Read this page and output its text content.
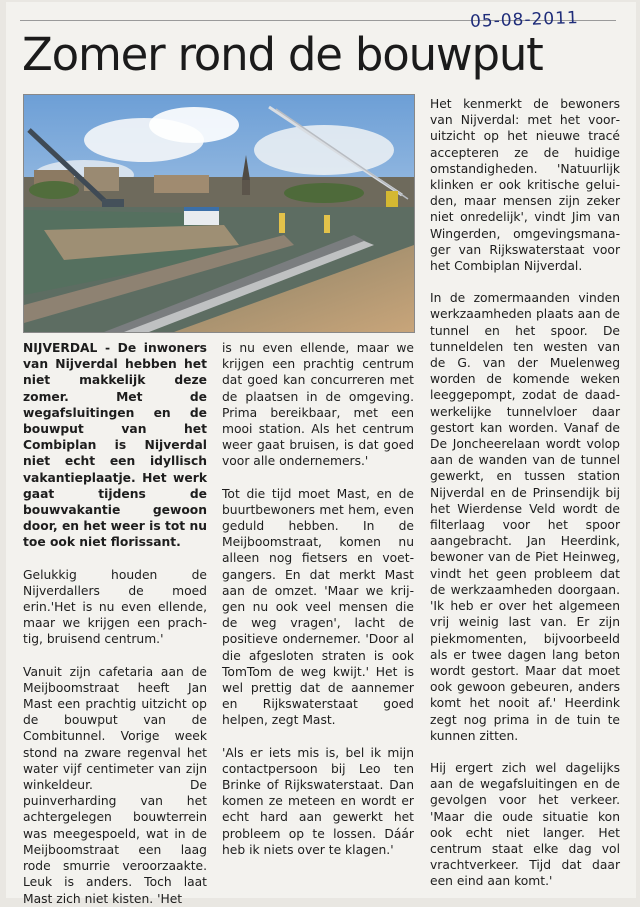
05-08-2011
Zomer rond de bouwput

NIJVERDAL - De inwoners van Nijverdal hebben het niet makkelijk deze zomer. Met de wegafsluitingen en de bouwput van het Combiplan is Nijverdal niet echt een idyllisch vakantieplaatje. Het werk gaat tijdens de bouwvakantie gewoon door, en het weer is tot nu toe ook niet florissant.

Gelukkig houden de Nijverdallers de moed erin.'Het is nu even ellende, maar we krijgen een prachtig, bruisend centrum.'

Vanuit zijn cafetaria aan de Meijboomstraat heeft Jan Mast een prachtig uitzicht op de bouwput van de Combitunnel. Vorige week stond na zware regenval het water vijf centimeter van zijn winkeldeur. De puinverharding van het achtergelegen bouwterrein was meegespoeld, wat in de Meijboomstraat een laag rode smurrie veroorzaakte. Leuk is anders. Toch laat Mast zich niet kisten. 'Het

is nu even ellende, maar we krijgen een prachtig centrum dat goed kan concurreren met de plaatsen in de omgeving. Prima bereikbaar, met een mooi station. Als het centrum weer gaat bruisen, is dat goed voor alle ondernemers.'

Tot die tijd moet Mast, en de buurtbewoners met hem, even geduld hebben. In de Meijboomstraat, komen nu alleen nog fietsers en voetgangers. En dat merkt Mast aan de omzet. 'Maar we krijgen nu ook veel mensen die de weg vragen', lacht de positieve ondernemer. 'Door al die afgesloten straten is ook TomTom de weg kwijt.' Het is wel prettig dat de aannemer en Rijkswaterstaat goed helpen, zegt Mast.

'Als er iets mis is, bel ik mijn contactpersoon bij Leo ten Brinke of Rijkswaterstaat. Dan komen ze meteen en wordt er echt hard aan gewerkt het probleem op te lossen. Dáár heb ik niets over te klagen.'

Het kenmerkt de bewoners van Nijverdal: met het vooruitzicht op het nieuwe tracé accepteren ze de huidige omstandigheden. 'Natuurlijk klinken er ook kritische geluiden, maar mensen zijn zeker niet onredelijk', vindt Jim van Wingerden, omgevingsmanager van Rijkswaterstaat voor het Combiplan Nijverdal.

In de zomermaanden vinden werkzaamheden plaats aan de tunnel en het spoor. De tunneldelen ten westen van de G. van der Muelenweg worden de komende weken leeggepompt, zodat de daadwerkelijke tunnelvloer daar gestort kan worden. Vanaf de De Joncheerelaan wordt volop aan de wanden van de tunnel gewerkt, en tussen station Nijverdal en de Prinsendijk bij het Wierdense Veld wordt de filterlaag voor het spoor aangebracht. Jan Heerdink, bewoner van de Piet Heinweg, vindt het geen probleem dat de werkzaamheden doorgaan. 'Ik heb er over het algemeen vrij weinig last van. Er zijn piekmomenten, bijvoorbeeld als er twee dagen lang beton wordt gestort. Maar dat moet ook gewoon gebeuren, anders komt het nooit af.' Heerdink zegt nog prima in de tuin te kunnen zitten.

Hij ergert zich wel dagelijks aan de wegafsluitingen en de gevolgen voor het verkeer. 'Maar die oude situatie kon ook echt niet langer. Het centrum staat elke dag vol vrachtverkeer. Tijd dat daar een eind aan komt.'
